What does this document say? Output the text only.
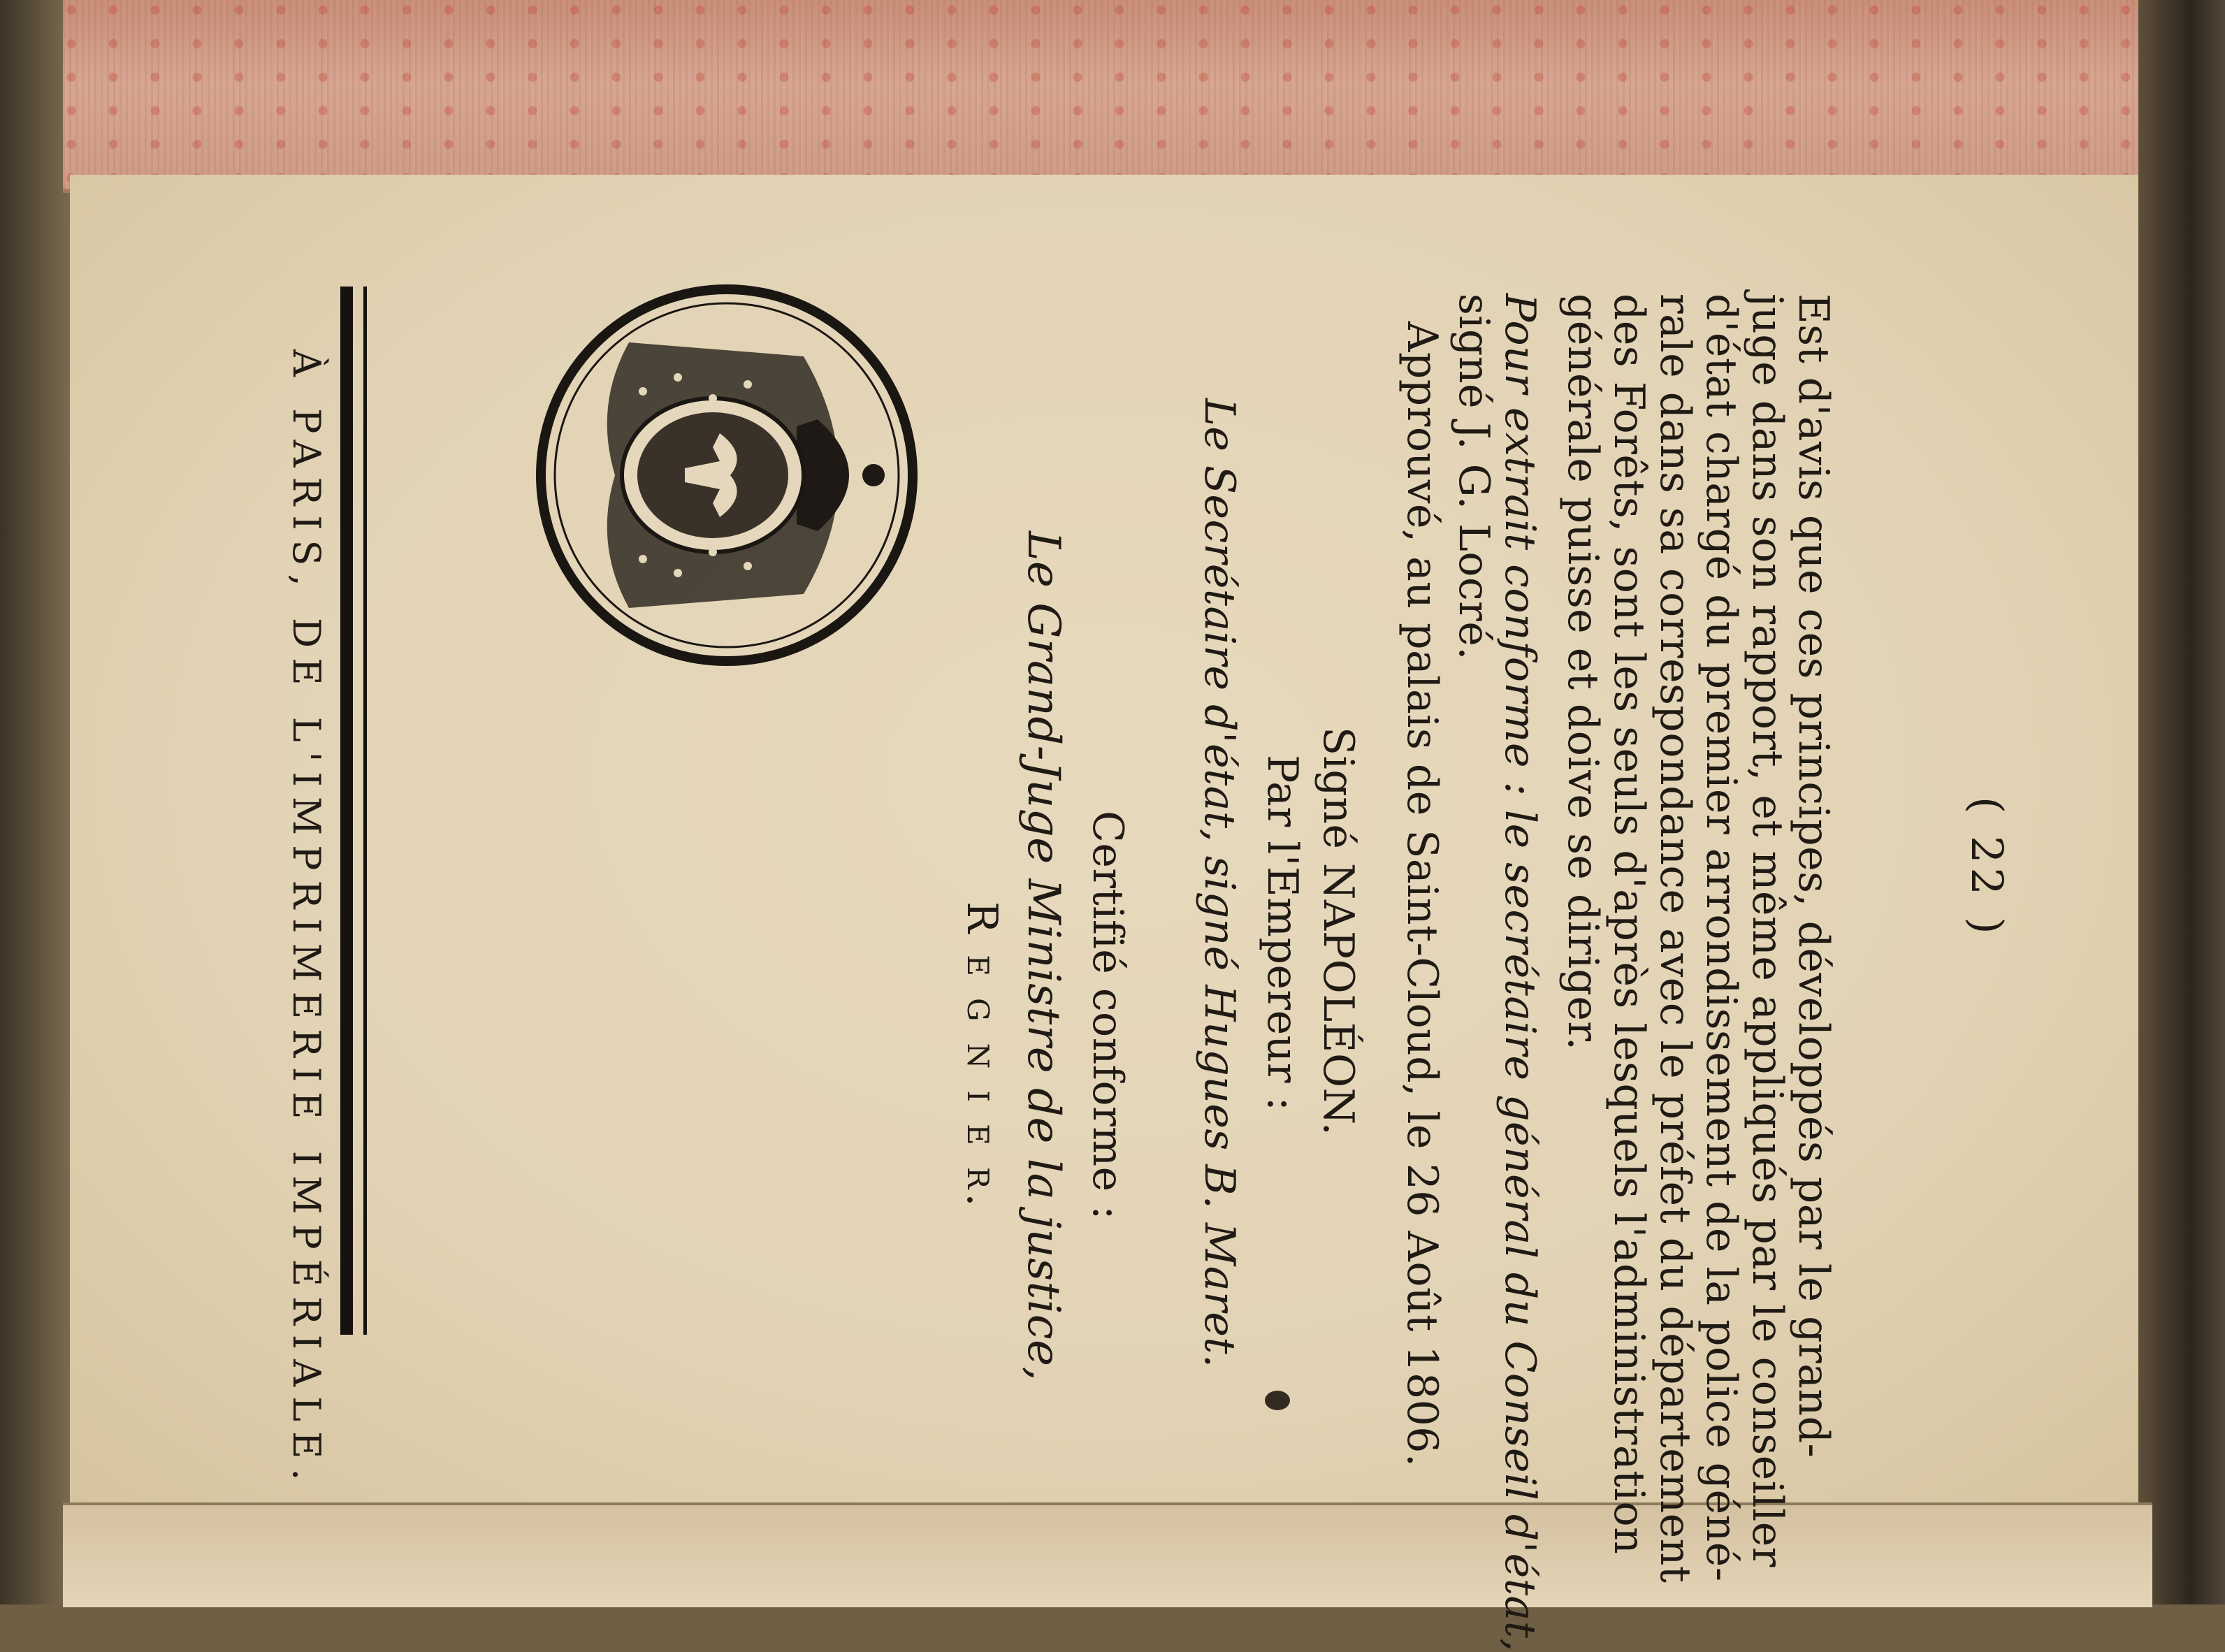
( 22 )
Est d'avis que ces principes, développés par le grand-
juge dans son rapport, et même appliqués par le conseiller
d'état chargé du premier arrondissement de la police géné-
rale dans sa correspondance avec le préfet du département
des Forêts, sont les seuls d'après lesquels l'administration
générale puisse et doive se diriger.
Pour extrait conforme : le secrétaire général du Conseil d'état,
signé J. G. Locré.
Approuvé, au palais de Saint-Cloud, le 26 Août 1806.
Signé NAPOLÉON.
Par l'Empereur :
Le Secrétaire d'état, signé Hugues B. Maret.
Certifié conforme :
Le Grand-Juge Ministre de la justice,
R e g n i e r.
À PARIS, DE L'IMPRIMERIE IMPÉRIALE.
